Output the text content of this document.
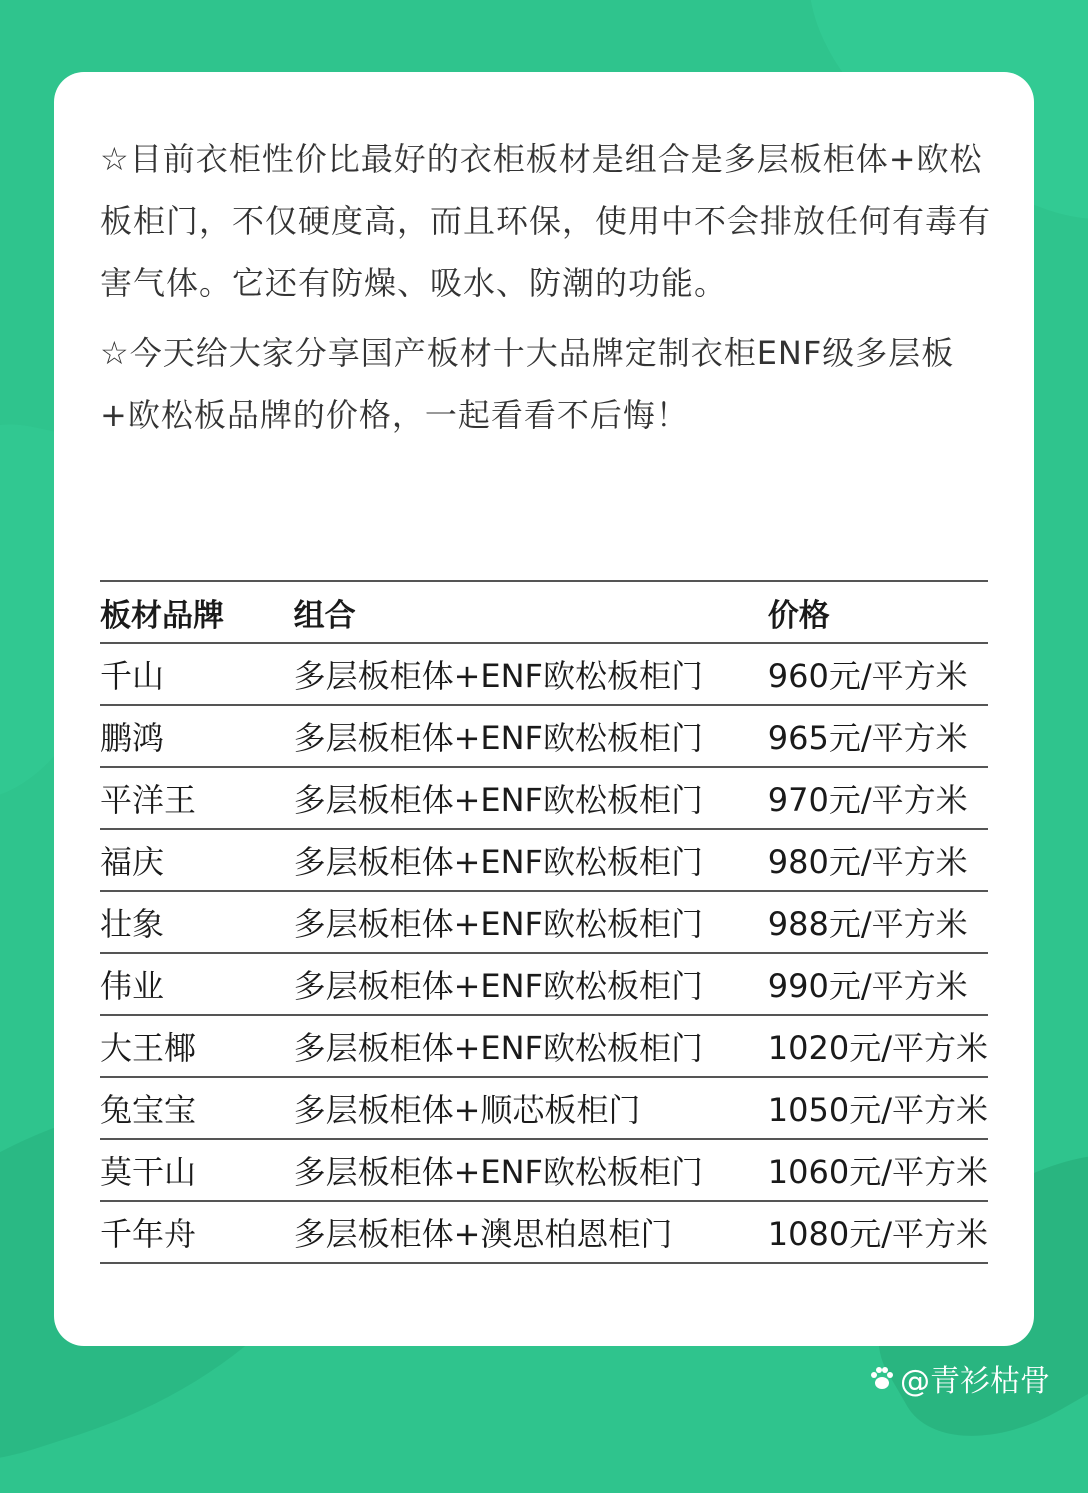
☆目前衣柜性价比最好的衣柜板材是组合是多层板柜体+欧松板柜门，不仅硬度高，而且环保，使用中不会排放任何有毒有害气体。它还有防燥、吸水、防潮的功能。

☆今天给大家分享国产板材十大品牌定制衣柜ENF级多层板+欧松板品牌的价格，一起看看不后悔！

板材品牌	组合	价格
千山	多层板柜体+ENF欧松板柜门	960元/平方米
鹏鸿	多层板柜体+ENF欧松板柜门	965元/平方米
平洋王	多层板柜体+ENF欧松板柜门	970元/平方米
福庆	多层板柜体+ENF欧松板柜门	980元/平方米
壮象	多层板柜体+ENF欧松板柜门	988元/平方米
伟业	多层板柜体+ENF欧松板柜门	990元/平方米
大王椰	多层板柜体+ENF欧松板柜门	1020元/平方米
兔宝宝	多层板柜体+顺芯板柜门	1050元/平方米
莫干山	多层板柜体+ENF欧松板柜门	1060元/平方米
千年舟	多层板柜体+澳思柏恩柜门	1080元/平方米
@青衫枯骨
